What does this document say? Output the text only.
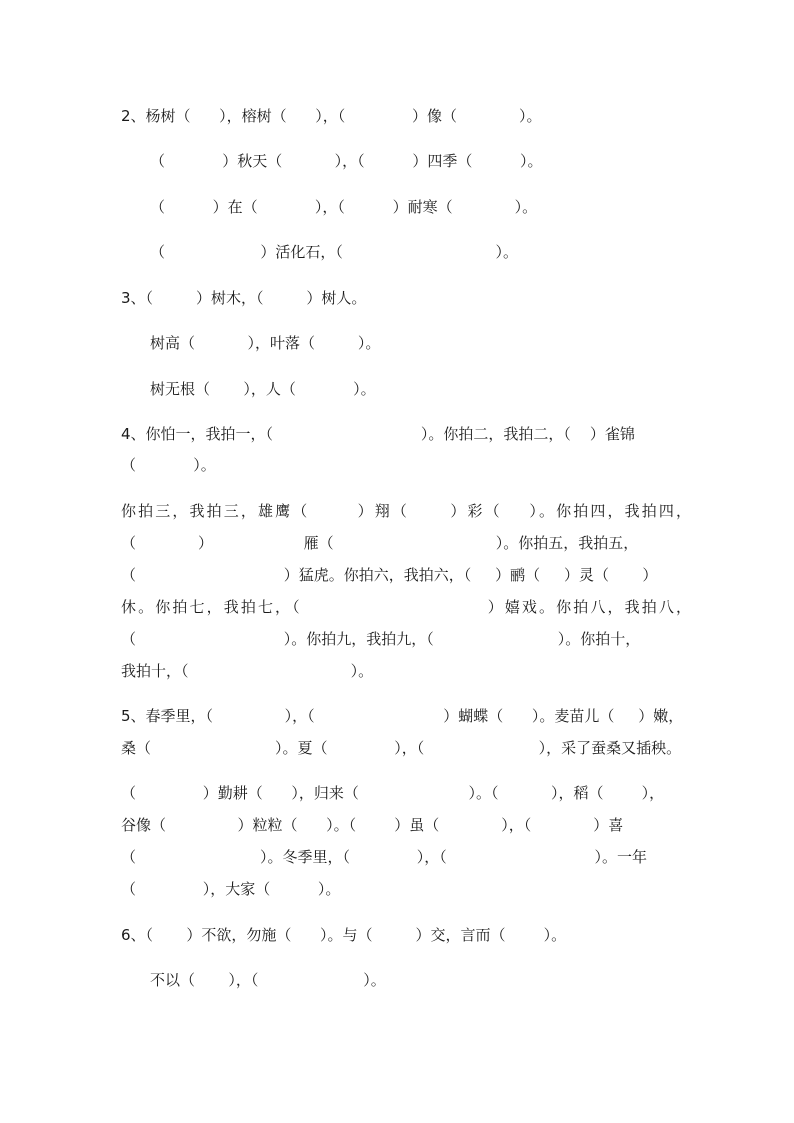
2、杨树（      ），榕树（      ），（              ）像（             ）。

（            ）秋天（           ），（          ）四季（          ）。

（          ）在（            ），（          ）耐寒（             ）。

（                    ）活化石，（                                ）。

3、（         ）树木，（         ）树人。

树高（           ），叶落（         ）。

树无根（       ），人（            ）。

4、你怕一，我拍一，（                               ）。你拍二，我拍二，（    ）雀锦

（            ）。

你拍三，我拍三，雄鹰（       ）翔（      ）彩（    ）。你拍四，我拍四，

（             ）                   雁（                                  ）。你拍五，我拍五，

（                               ）猛虎。你拍六，我拍六，（     ）鹂（     ）灵（       ）

休。你拍七，我拍七，（                           ）嬉戏。你拍八，我拍八，

（                               ）。你拍九，我拍九，（                          ）。你拍十，

我拍十，（                                  ）。

5、春季里，（               ），（                           ）蝴蝶（      ）。麦苗儿（     ）嫩，

桑（                          ）。夏（              ），（                        ），采了蚕桑又插秧。

（              ）勤耕（      ），归来（                       ）。（           ），稻（        ），

谷像（               ）粒粒（      ）。（        ）虽（             ），（             ）喜

（                          ）。冬季里，（              ），（                               ）。一年

（              ），大家（          ）。

6、（       ）不欲，勿施（      ）。与（         ）交，言而（        ）。

不以（       ），（                      ）。
